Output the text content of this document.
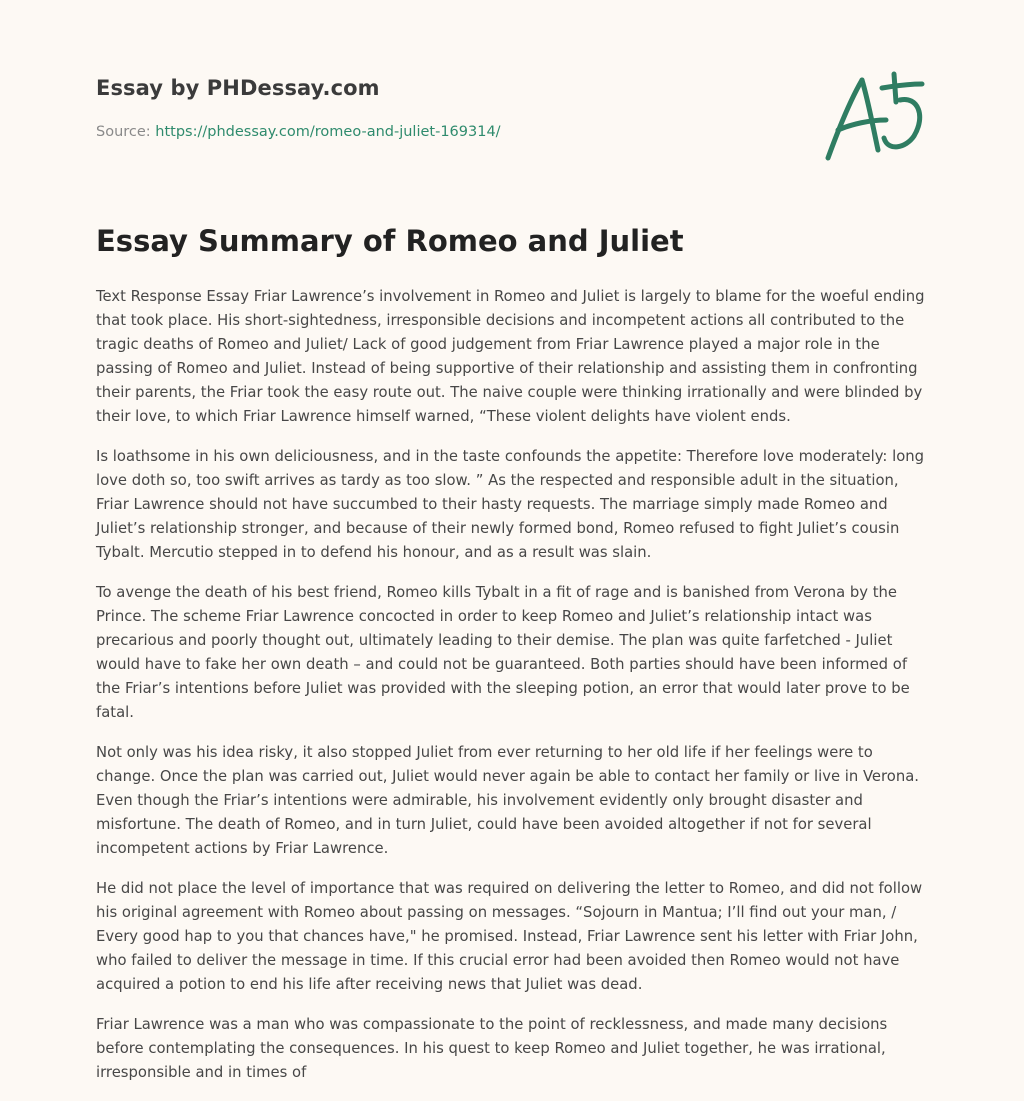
Essay by PHDessay.com

Source: https://phdessay.com/romeo-and-juliet-169314/

Essay Summary of Romeo and Juliet

Text Response Essay Friar Lawrence’s involvement in Romeo and Juliet is largely to blame for the woeful ending that took place. His short-sightedness, irresponsible decisions and incompetent actions all contributed to the tragic deaths of Romeo and Juliet/ Lack of good judgement from Friar Lawrence played a major role in the passing of Romeo and Juliet. Instead of being supportive of their relationship and assisting them in confronting their parents, the Friar took the easy route out. The naive couple were thinking irrationally and were blinded by their love, to which Friar Lawrence himself warned, “These violent delights have violent ends.

Is loathsome in his own deliciousness, and in the taste confounds the appetite: Therefore love moderately: long love doth so, too swift arrives as tardy as too slow. ” As the respected and responsible adult in the situation, Friar Lawrence should not have succumbed to their hasty requests. The marriage simply made Romeo and Juliet’s relationship stronger, and because of their newly formed bond, Romeo refused to fight Juliet’s cousin Tybalt. Mercutio stepped in to defend his honour, and as a result was slain.

To avenge the death of his best friend, Romeo kills Tybalt in a fit of rage and is banished from Verona by the Prince. The scheme Friar Lawrence concocted in order to keep Romeo and Juliet’s relationship intact was precarious and poorly thought out, ultimately leading to their demise. The plan was quite farfetched - Juliet would have to fake her own death – and could not be guaranteed. Both parties should have been informed of the Friar’s intentions before Juliet was provided with the sleeping potion, an error that would later prove to be fatal.

Not only was his idea risky, it also stopped Juliet from ever returning to her old life if her feelings were to change. Once the plan was carried out, Juliet would never again be able to contact her family or live in Verona. Even though the Friar’s intentions were admirable, his involvement evidently only brought disaster and misfortune. The death of Romeo, and in turn Juliet, could have been avoided altogether if not for several incompetent actions by Friar Lawrence.

He did not place the level of importance that was required on delivering the letter to Romeo, and did not follow his original agreement with Romeo about passing on messages. “Sojourn in Mantua; I’ll find out your man, / Every good hap to you that chances have," he promised. Instead, Friar Lawrence sent his letter with Friar John, who failed to deliver the message in time. If this crucial error had been avoided then Romeo would not have acquired a potion to end his life after receiving news that Juliet was dead.

Friar Lawrence was a man who was compassionate to the point of recklessness, and made many decisions before contemplating the consequences. In his quest to keep Romeo and Juliet together, he was irrational, irresponsible and in times of
